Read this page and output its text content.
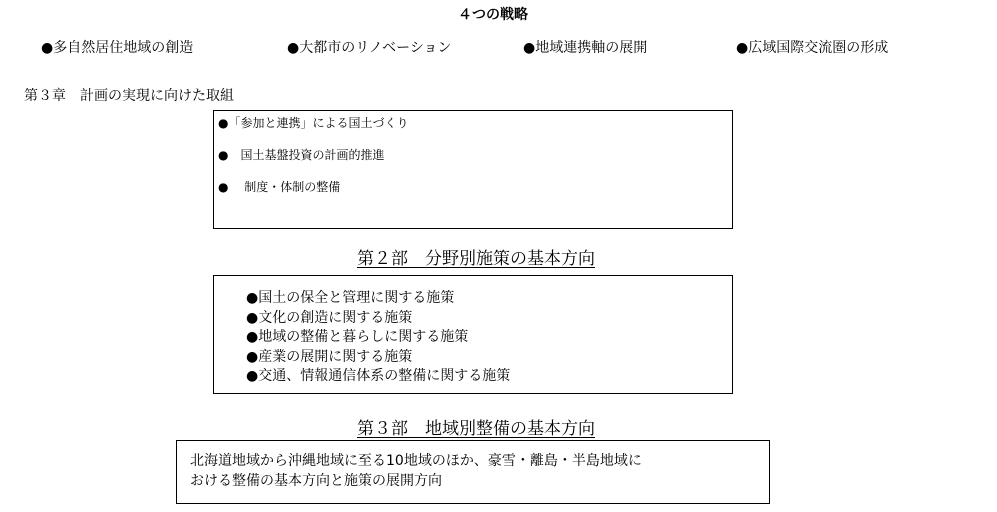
４つの戦略
●多自然居住地域の創造	●大都市のリノベーション	●地域連携軸の展開	●広域国際交流圏の形成
第３章　計画の実現に向けた取組
●「参加と連携」による国土づくり
●　国土基盤投資の計画的推進
●　 制度・体制の整備
第２部　分野別施策の基本方向
●国土の保全と管理に関する施策
●文化の創造に関する施策
●地域の整備と暮らしに関する施策
●産業の展開に関する施策
●交通、情報通信体系の整備に関する施策
第３部　地域別整備の基本方向
北海道地域から沖縄地域に至る10地域のほか、豪雪・離島・半島地域に
おける整備の基本方向と施策の展開方向
